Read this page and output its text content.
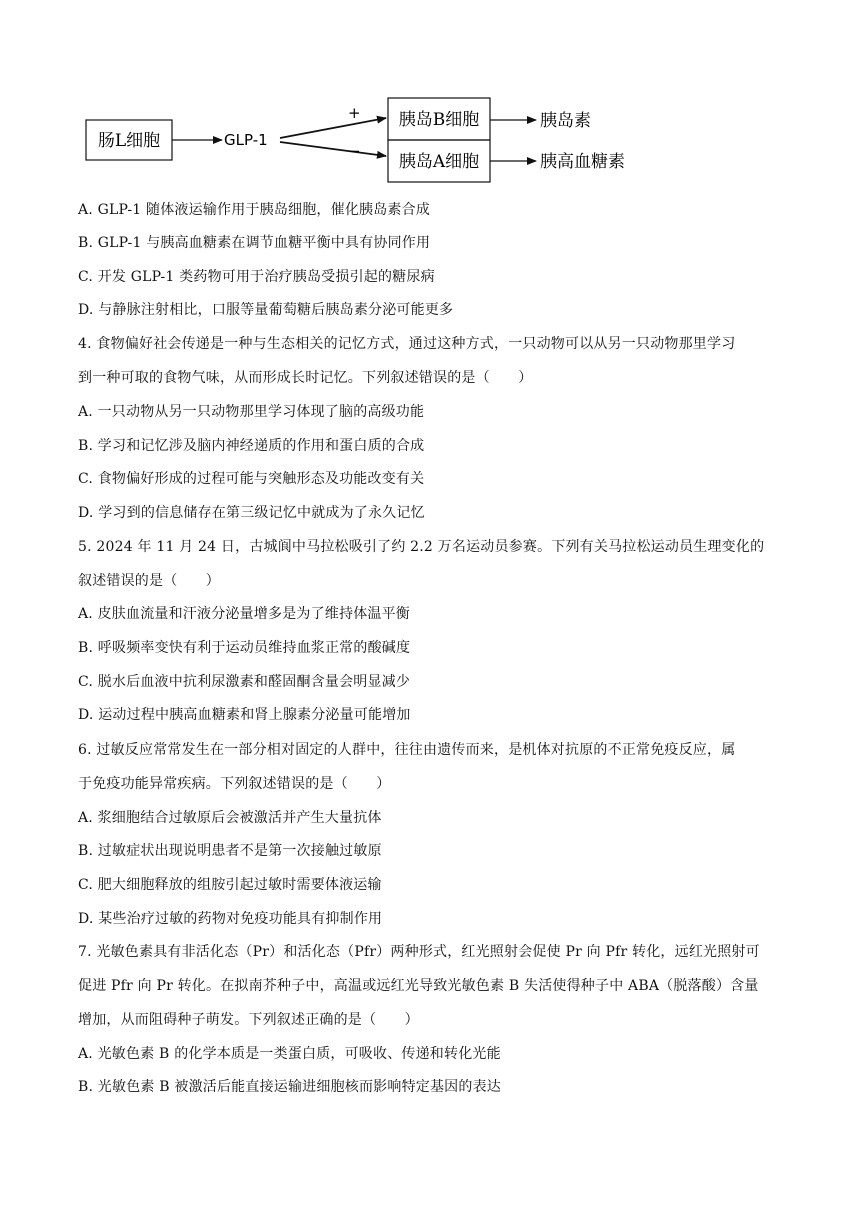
肠L细胞	GLP-1
+
−
胰岛B细胞
胰岛A细胞
胰岛素
胰高血糖素
A. GLP-1 随体液运输作用于胰岛细胞，催化胰岛素合成
B. GLP-1 与胰高血糖素在调节血糖平衡中具有协同作用
C. 开发 GLP-1 类药物可用于治疗胰岛受损引起的糖尿病
D. 与静脉注射相比，口服等量葡萄糖后胰岛素分泌可能更多
4. 食物偏好社会传递是一种与生态相关的记忆方式，通过这种方式，一只动物可以从另一只动物那里学习
到一种可取的食物气味，从而形成长时记忆。下列叙述错误的是（　　）
A. 一只动物从另一只动物那里学习体现了脑的高级功能
B. 学习和记忆涉及脑内神经递质的作用和蛋白质的合成
C. 食物偏好形成的过程可能与突触形态及功能改变有关
D. 学习到的信息储存在第三级记忆中就成为了永久记忆
5. 2024 年 11 月 24 日，古城阆中马拉松吸引了约 2.2 万名运动员参赛。下列有关马拉松运动员生理变化的
叙述错误的是（　　）
A. 皮肤血流量和汗液分泌量增多是为了维持体温平衡
B. 呼吸频率变快有利于运动员维持血浆正常的酸碱度
C. 脱水后血液中抗利尿激素和醛固酮含量会明显减少
D. 运动过程中胰高血糖素和肾上腺素分泌量可能增加
6. 过敏反应常常发生在一部分相对固定的人群中，往往由遗传而来，是机体对抗原的不正常免疫反应，属
于免疫功能异常疾病。下列叙述错误的是（　　）
A. 浆细胞结合过敏原后会被激活并产生大量抗体
B. 过敏症状出现说明患者不是第一次接触过敏原
C. 肥大细胞释放的组胺引起过敏时需要体液运输
D. 某些治疗过敏的药物对免疫功能具有抑制作用
7. 光敏色素具有非活化态（Pr）和活化态（Pfr）两种形式，红光照射会促使 Pr 向 Pfr 转化，远红光照射可
促进 Pfr 向 Pr 转化。在拟南芥种子中，高温或远红光导致光敏色素 B 失活使得种子中 ABA（脱落酸）含量
增加，从而阻碍种子萌发。下列叙述正确的是（　　）
A. 光敏色素 B 的化学本质是一类蛋白质，可吸收、传递和转化光能
B. 光敏色素 B 被激活后能直接运输进细胞核而影响特定基因的表达
